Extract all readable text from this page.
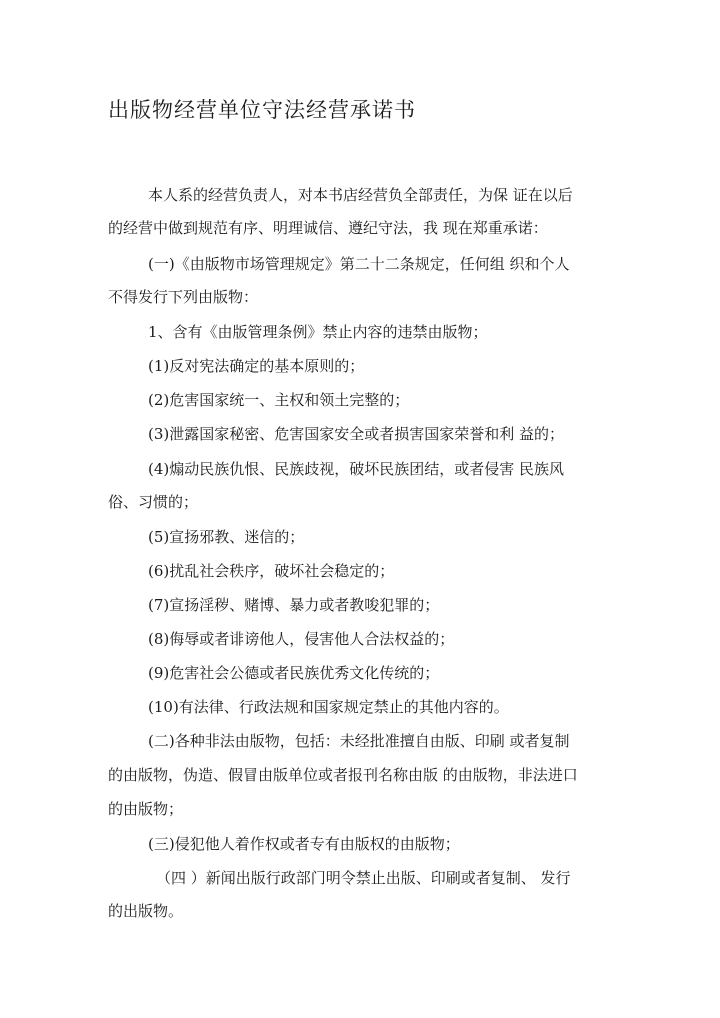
出版物经营单位守法经营承诺书
本人系的经营负责人，对本书店经营负全部责任，为保 证在以后
的经营中做到规范有序、明理诚信、遵纪守法，我 现在郑重承诺：
(一)《由版物市场管理规定》第二十二条规定，任何组 织和个人
不得发行下列由版物：
1、含有《由版管理条例》禁止内容的违禁由版物；
(1)反对宪法确定的基本原则的；
(2)危害国家统一、主权和领土完整的；
(3)泄露国家秘密、危害国家安全或者损害国家荣誉和利 益的；
(4)煽动民族仇恨、民族歧视，破坏民族团结，或者侵害 民族风
俗、习惯的；
(5)宣扬邪教、迷信的；
(6)扰乱社会秩序，破坏社会稳定的；
(7)宣扬淫秽、赌博、暴力或者教唆犯罪的；
(8)侮辱或者诽谤他人，侵害他人合法权益的；
(9)危害社会公德或者民族优秀文化传统的；
(10)有法律、行政法规和国家规定禁止的其他内容的。
(二)各种非法由版物，包括：未经批准擅自由版、印刷 或者复制
的由版物，伪造、假冒由版单位或者报刊名称由版 的由版物，非法进口
的由版物；
(三)侵犯他人着作权或者专有由版权的由版物；
（四 ）新闻出版行政部门明令禁止出版、印刷或者复制、 发行
的出版物。
